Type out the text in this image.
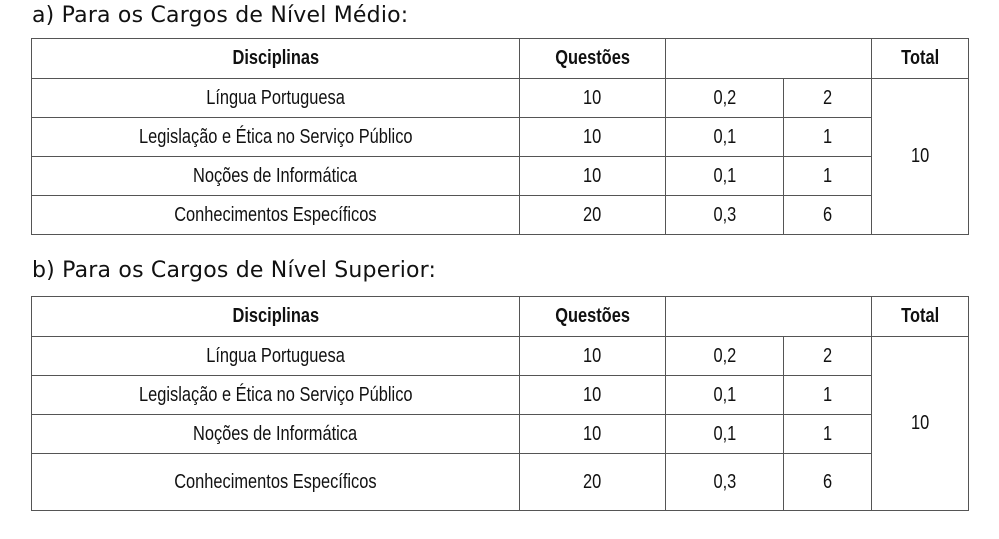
a) Para os Cargos de Nível Médio:
Disciplinas	Questões			Total
Língua Portuguesa	10	0,2	2	10
Legislação e Ética no Serviço Público	10	0,1	1	
Noções de Informática	10	0,1	1	
Conhecimentos Específicos	20	0,3	6	
b) Para os Cargos de Nível Superior:
Disciplinas	Questões			Total
Língua Portuguesa	10	0,2	2	10
Legislação e Ética no Serviço Público	10	0,1	1	
Noções de Informática	10	0,1	1	
Conhecimentos Específicos	20	0,3	6	
